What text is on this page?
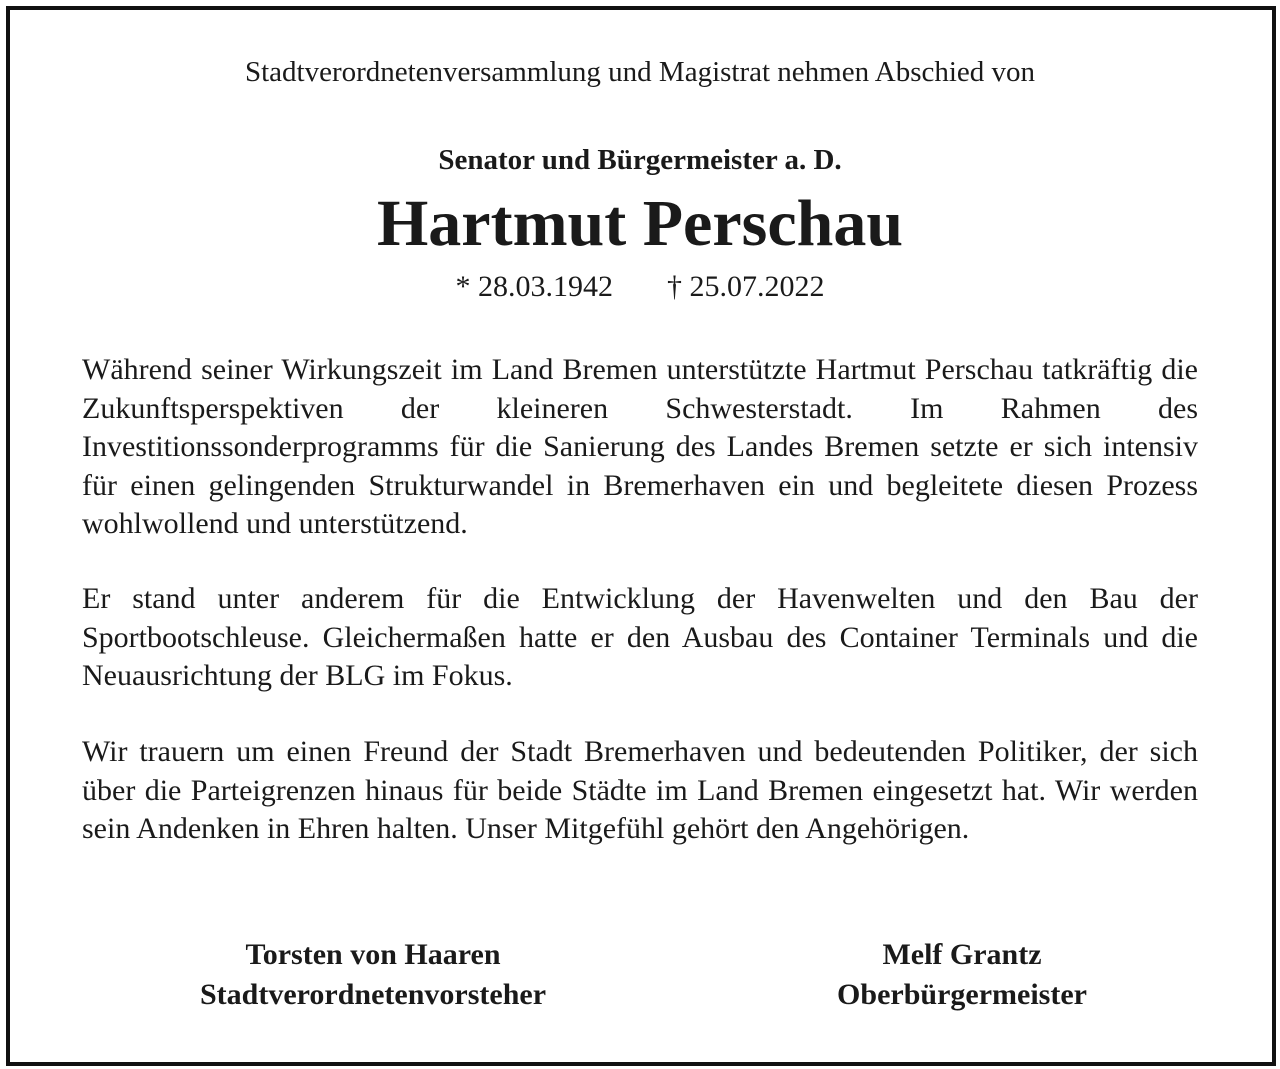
Stadtverordnetenversammlung und Magistrat nehmen Abschied von
Senator und Bürgermeister a. D.
Hartmut Perschau
* 28.03.1942 † 25.07.2022

Während seiner Wirkungszeit im Land Bremen unterstützte Hartmut Perschau tatkräftig die Zukunftsperspektiven der kleineren Schwesterstadt. Im Rahmen des Investitionssonderprogramms für die Sanierung des Landes Bremen setzte er sich intensiv für einen gelingenden Strukturwandel in Bremerhaven ein und begleitete diesen Prozess wohlwollend und unterstützend.

Er stand unter anderem für die Entwicklung der Havenwelten und den Bau der Sportbootschleuse. Gleichermaßen hatte er den Ausbau des Container Terminals und die Neuausrichtung der BLG im Fokus.

Wir trauern um einen Freund der Stadt Bremerhaven und bedeutenden Politiker, der sich über die Parteigrenzen hinaus für beide Städte im Land Bremen eingesetzt hat. Wir werden sein Andenken in Ehren halten. Unser Mitgefühl gehört den Angehörigen.

Torsten von Haaren
Stadtverordnetenvorsteher
Melf Grantz
Oberbürgermeister
